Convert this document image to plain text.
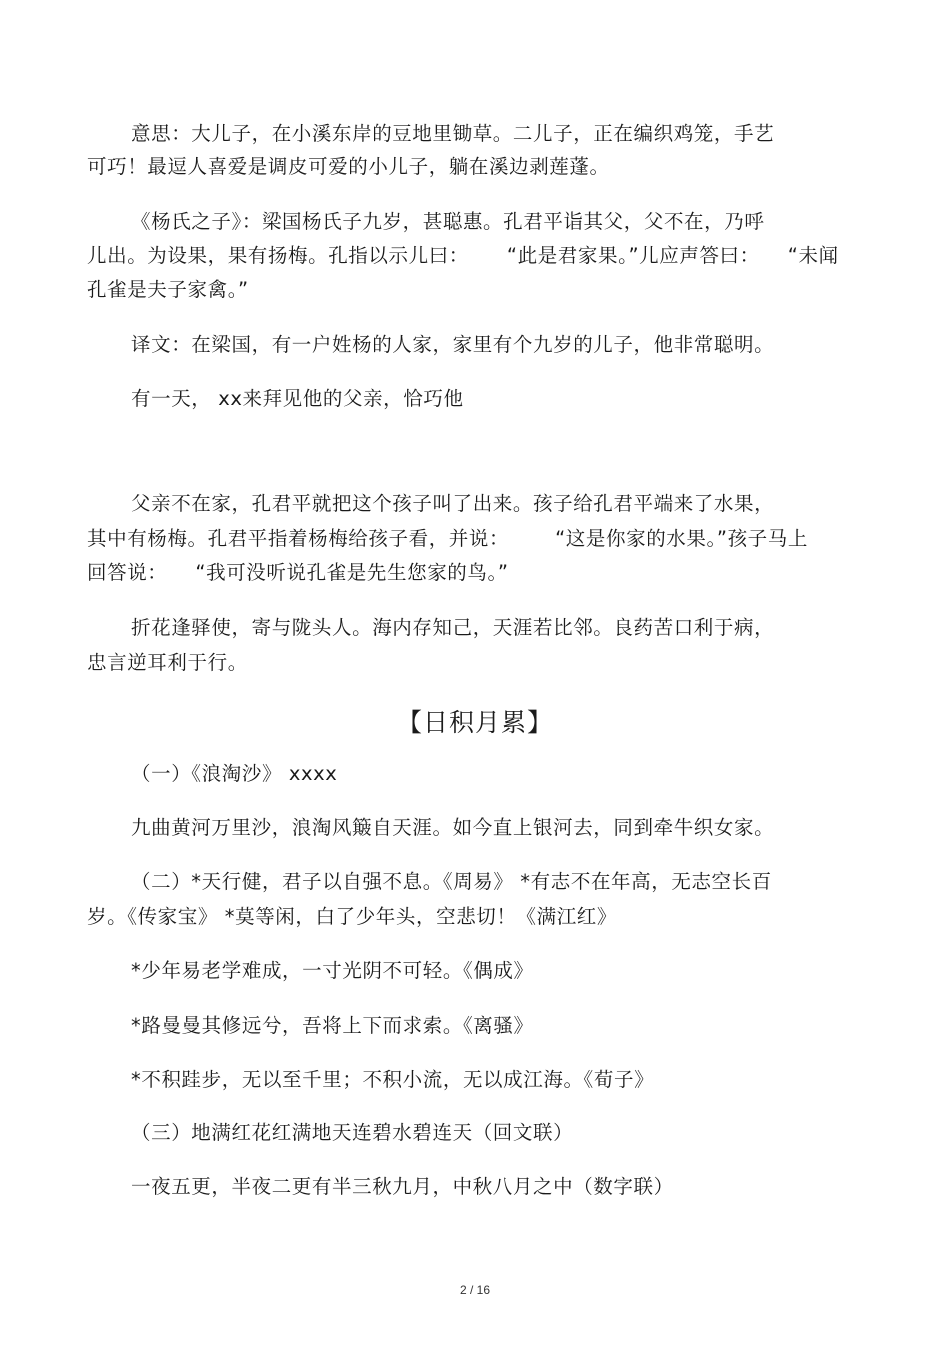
意思：大儿子，在小溪东岸的豆地里锄草。二儿子，正在编织鸡笼，手艺
可巧！最逗人喜爱是调皮可爱的小儿子，躺在溪边剥莲蓬。
《杨氏之子》：梁国杨氏子九岁，甚聪惠。孔君平诣其父，父不在，乃呼
儿出。为设果，果有扬梅。孔指以示儿曰： “此是君家果。”儿应声答曰： “未闻
孔雀是夫子家禽。”
译文：在梁国，有一户姓杨的人家，家里有个九岁的儿子，他非常聪明。
有一天， xx来拜见他的父亲，恰巧他
父亲不在家，孔君平就把这个孩子叫了出来。孩子给孔君平端来了水果，
其中有杨梅。孔君平指着杨梅给孩子看，并说： “这是你家的水果。”孩子马上
回答说： “我可没听说孔雀是先生您家的鸟。”
折花逢驿使，寄与陇头人。海内存知己，天涯若比邻。良药苦口利于病，
忠言逆耳利于行。
【日积月累】
（一）《浪淘沙》 xxxx
九曲黄河万里沙，浪淘风簸自天涯。如今直上银河去，同到牵牛织女家。
（二）*天行健，君子以自强不息。《周易》 *有志不在年高，无志空长百
岁。《传家宝》 *莫等闲，白了少年头，空悲切！《满江红》
*少年易老学难成，一寸光阴不可轻。《偶成》
*路曼曼其修远兮，吾将上下而求索。《离骚》
*不积跬步，无以至千里；不积小流，无以成江海。《荀子》
（三）地满红花红满地天连碧水碧连天（回文联）
一夜五更，半夜二更有半三秋九月，中秋八月之中（数字联）
2 / 16
